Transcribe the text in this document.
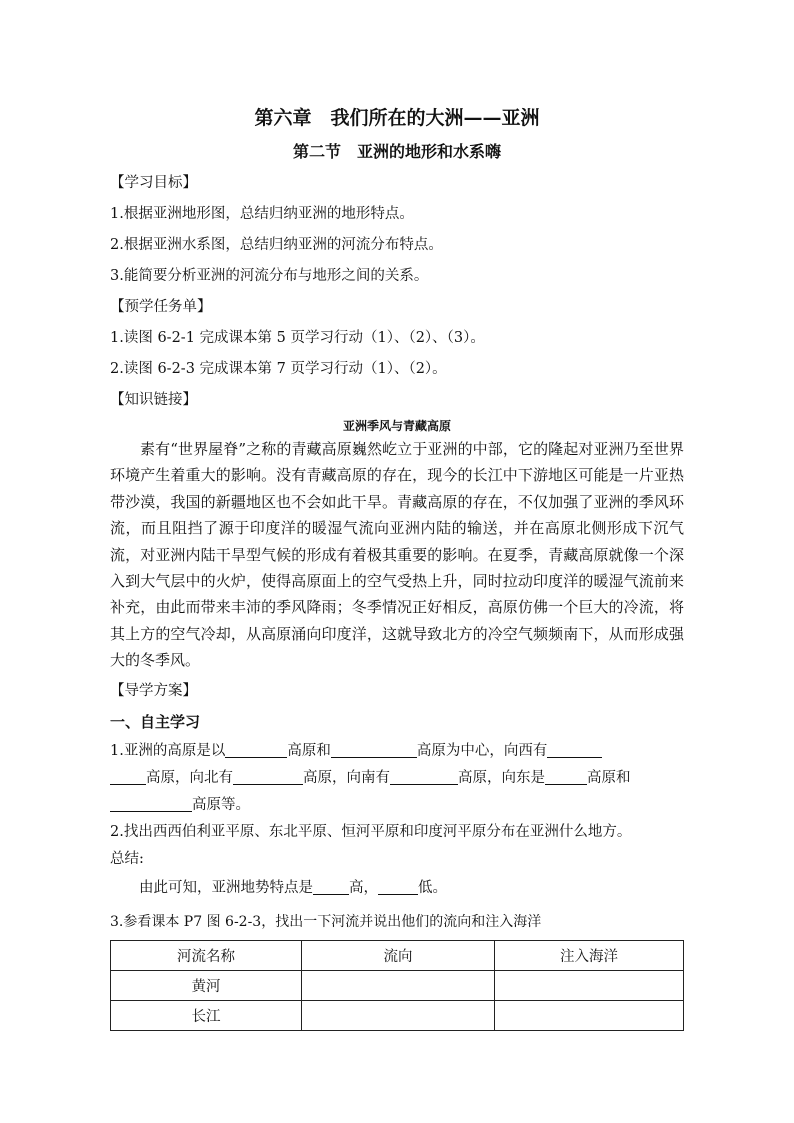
第六章　我们所在的大洲——亚洲
第二节　亚洲的地形和水系嗨
【学习目标】
1.根据亚洲地形图，总结归纳亚洲的地形特点。
2.根据亚洲水系图，总结归纳亚洲的河流分布特点。
3.能简要分析亚洲的河流分布与地形之间的关系。
【预学任务单】
1.读图 6-2-1 完成课本第 5 页学习行动（1）、（2）、（3）。
2.读图 6-2-3 完成课本第 7 页学习行动（1）、（2）。
【知识链接】
亚洲季风与青藏高原

素有“世界屋脊”之称的青藏高原巍然屹立于亚洲的中部，它的隆起对亚洲乃至世界环境产生着重大的影响。没有青藏高原的存在，现今的长江中下游地区可能是一片亚热带沙漠，我国的新疆地区也不会如此干旱。青藏高原的存在，不仅加强了亚洲的季风环流，而且阻挡了源于印度洋的暖湿气流向亚洲内陆的输送，并在高原北侧形成下沉气流，对亚洲内陆干旱型气候的形成有着极其重要的影响。在夏季，青藏高原就像一个深入到大气层中的火炉，使得高原面上的空气受热上升，同时拉动印度洋的暖湿气流前来补充，由此而带来丰沛的季风降雨；冬季情况正好相反，高原仿佛一个巨大的冷流，将其上方的空气冷却，从高原涌向印度洋，这就导致北方的冷空气频频南下，从而形成强大的冬季风。

【导学方案】
一、自主学习
1.亚洲的高原是以	高原和	高原为中心，向西有
高原，向北有	高原，向南有	高原，向东是	高原和
高原等。
2.找出西西伯利亚平原、东北平原、恒河平原和印度河平原分布在亚洲什么地方。
总结:
由此可知，亚洲地势特点是 高，	低。
3.参看课本 P7 图 6-2-3，找出一下河流并说出他们的流向和注入海洋
河流名称	流向	注入海洋
黄河		
长江		
